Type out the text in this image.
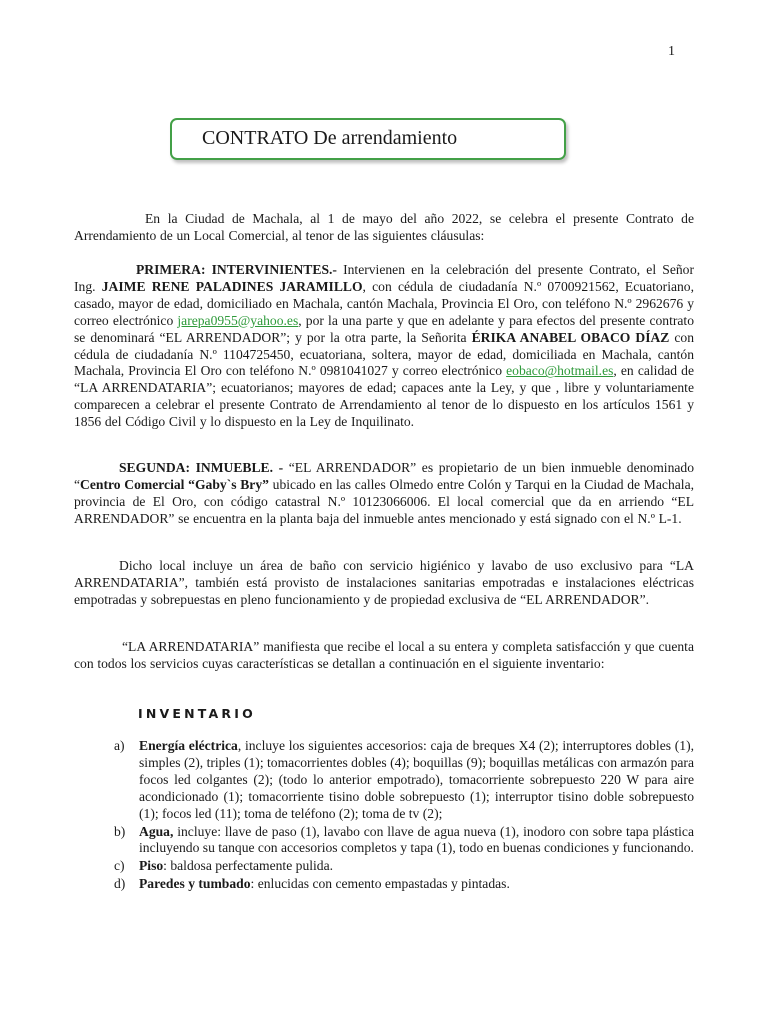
1
CONTRATO De arrendamiento

En la Ciudad de Machala, al 1 de mayo del año 2022, se celebra el presente Contrato de Arrendamiento de un Local Comercial, al tenor de las siguientes cláusulas:

PRIMERA: INTERVINIENTES.- Intervienen en la celebración del presente Contrato, el Señor Ing. JAIME RENE PALADINES JARAMILLO, con cédula de ciudadanía N.º 0700921562, Ecuatoriano, casado, mayor de edad, domiciliado en Machala, cantón Machala, Provincia El Oro, con teléfono N.º 2962676 y correo electrónico jarepa0955@yahoo.es, por la una parte y que en adelante y para efectos del presente contrato se denominará “EL ARRENDADOR”; y por la otra parte, la Señorita ÉRIKA ANABEL OBACO DÍAZ con cédula de ciudadanía N.º 1104725450, ecuatoriana, soltera, mayor de edad, domiciliada en Machala, cantón Machala, Provincia El Oro con teléfono N.º 0981041027 y correo electrónico eobaco@hotmail.es, en calidad de “LA ARRENDATARIA”; ecuatorianos; mayores de edad; capaces ante la Ley, y que , libre y voluntariamente comparecen a celebrar el presente Contrato de Arrendamiento al tenor de lo dispuesto en los artículos 1561 y 1856 del Código Civil y lo dispuesto en la Ley de Inquilinato.

SEGUNDA: INMUEBLE. - “EL ARRENDADOR” es propietario de un bien inmueble denominado “Centro Comercial “Gaby`s Bry” ubicado en las calles Olmedo entre Colón y Tarqui en la Ciudad de Machala, provincia de El Oro, con código catastral N.º 10123066006. El local comercial que da en arriendo “EL ARRENDADOR” se encuentra en la planta baja del inmueble antes mencionado y está signado con el N.º L-1.

Dicho local incluye un área de baño con servicio higiénico y lavabo de uso exclusivo para “LA ARRENDATARIA”, también está provisto de instalaciones sanitarias empotradas e instalaciones eléctricas empotradas y sobrepuestas en pleno funcionamiento y de propiedad exclusiva de “EL ARRENDADOR”.

“LA ARRENDATARIA” manifiesta que recibe el local a su entera y completa satisfacción y que cuenta con todos los servicios cuyas características se detallan a continuación en el siguiente inventario:

INVENTARIO
a) Energía eléctrica, incluye los siguientes accesorios: caja de breques X4 (2); interruptores dobles (1), simples (2), triples (1); tomacorrientes dobles (4); boquillas (9); boquillas metálicas con armazón para focos led colgantes (2); (todo lo anterior empotrado), tomacorriente sobrepuesto 220 W para aire acondicionado (1); tomacorriente tisino doble sobrepuesto (1); interruptor tisino doble sobrepuesto (1); focos led (11); toma de teléfono (2); toma de tv (2);
b) Agua, incluye: llave de paso (1), lavabo con llave de agua nueva (1), inodoro con sobre tapa plástica incluyendo su tanque con accesorios completos y tapa (1), todo en buenas condiciones y funcionando.
c) Piso: baldosa perfectamente pulida.
d) Paredes y tumbado: enlucidas con cemento empastadas y pintadas.
